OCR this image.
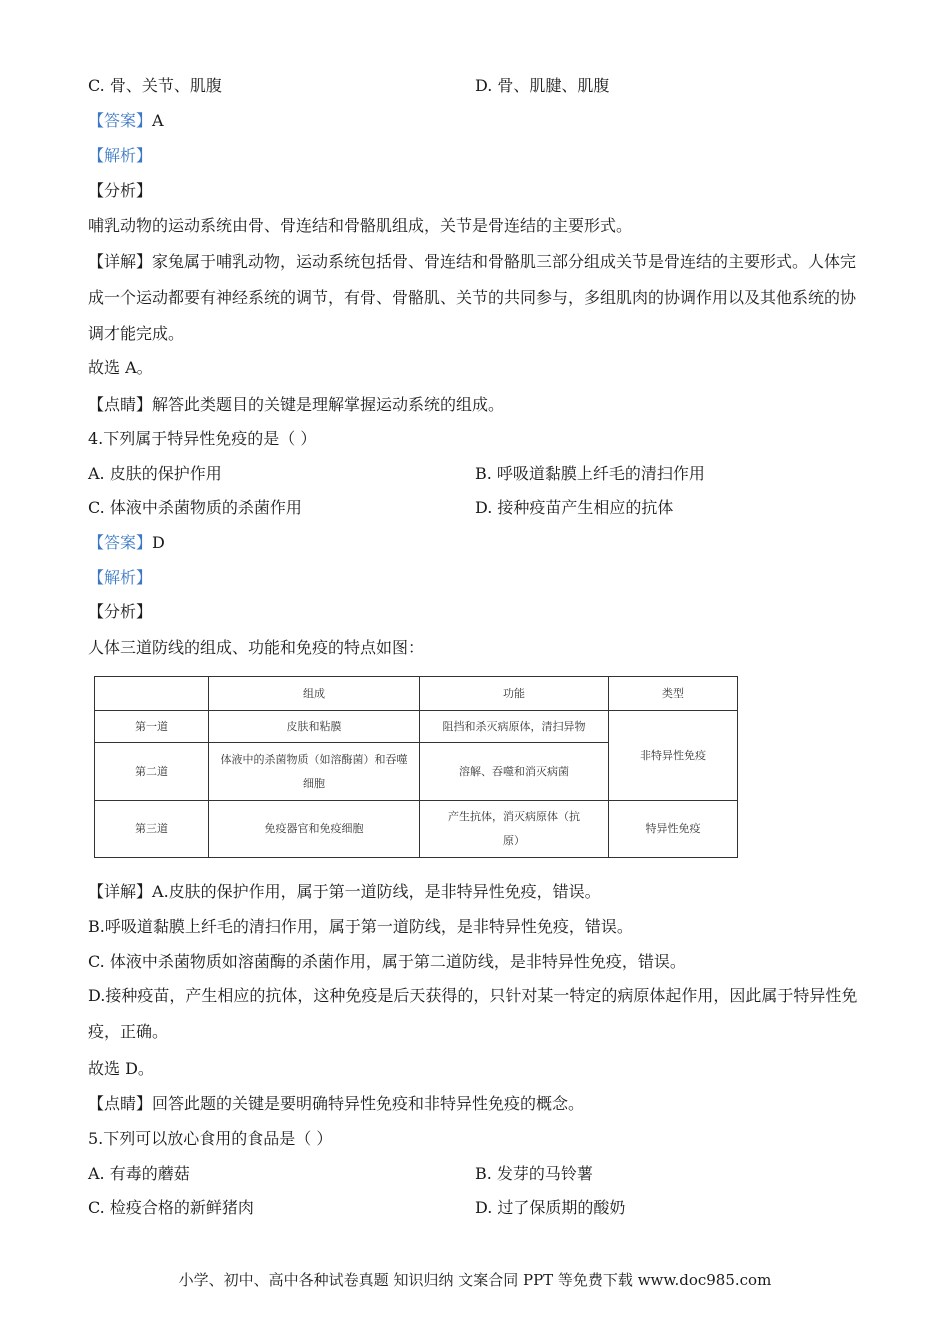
C. 骨、关节、肌腹	D. 骨、肌腱、肌腹
【答案】A
【解析】
【分析】
哺乳动物的运动系统由骨、骨连结和骨骼肌组成，关节是骨连结的主要形式。
【详解】家兔属于哺乳动物，运动系统包括骨、骨连结和骨骼肌三部分组成关节是骨连结的主要形式。人体完成一个运动都要有神经系统的调节，有骨、骨骼肌、关节的共同参与，多组肌肉的协调作用以及其他系统的协调才能完成。
故选 A。
【点睛】解答此类题目的关键是理解掌握运动系统的组成。
4.下列属于特异性免疫的是（ ）
A. 皮肤的保护作用	B. 呼吸道黏膜上纤毛的清扫作用
C. 体液中杀菌物质的杀菌作用	D. 接种疫苗产生相应的抗体
【答案】D
【解析】
【分析】
人体三道防线的组成、功能和免疫的特点如图：
	组成	功能	类型
第一道	皮肤和粘膜	阻挡和杀灭病原体，清扫异物	非特异性免疫
第二道	体液中的杀菌物质（如溶酶菌）和吞噬细胞	溶解、吞噬和消灭病菌	
第三道	免疫器官和免疫细胞	产生抗体，消灭病原体（抗原）	特异性免疫
【详解】A.皮肤的保护作用，属于第一道防线，是非特异性免疫，错误。
B.呼吸道黏膜上纤毛的清扫作用，属于第一道防线，是非特异性免疫，错误。
C. 体液中杀菌物质如溶菌酶的杀菌作用，属于第二道防线，是非特异性免疫，错误。
D.接种疫苗，产生相应的抗体，这种免疫是后天获得的，只针对某一特定的病原体起作用，因此属于特异性免疫，正确。
故选 D。
【点睛】回答此题的关键是要明确特异性免疫和非特异性免疫的概念。
5.下列可以放心食用的食品是（ ）
A. 有毒的蘑菇	B. 发芽的马铃薯
C. 检疫合格的新鲜猪肉	D. 过了保质期的酸奶
小学、初中、高中各种试卷真题 知识归纳 文案合同 PPT 等免费下载 www.doc985.com
